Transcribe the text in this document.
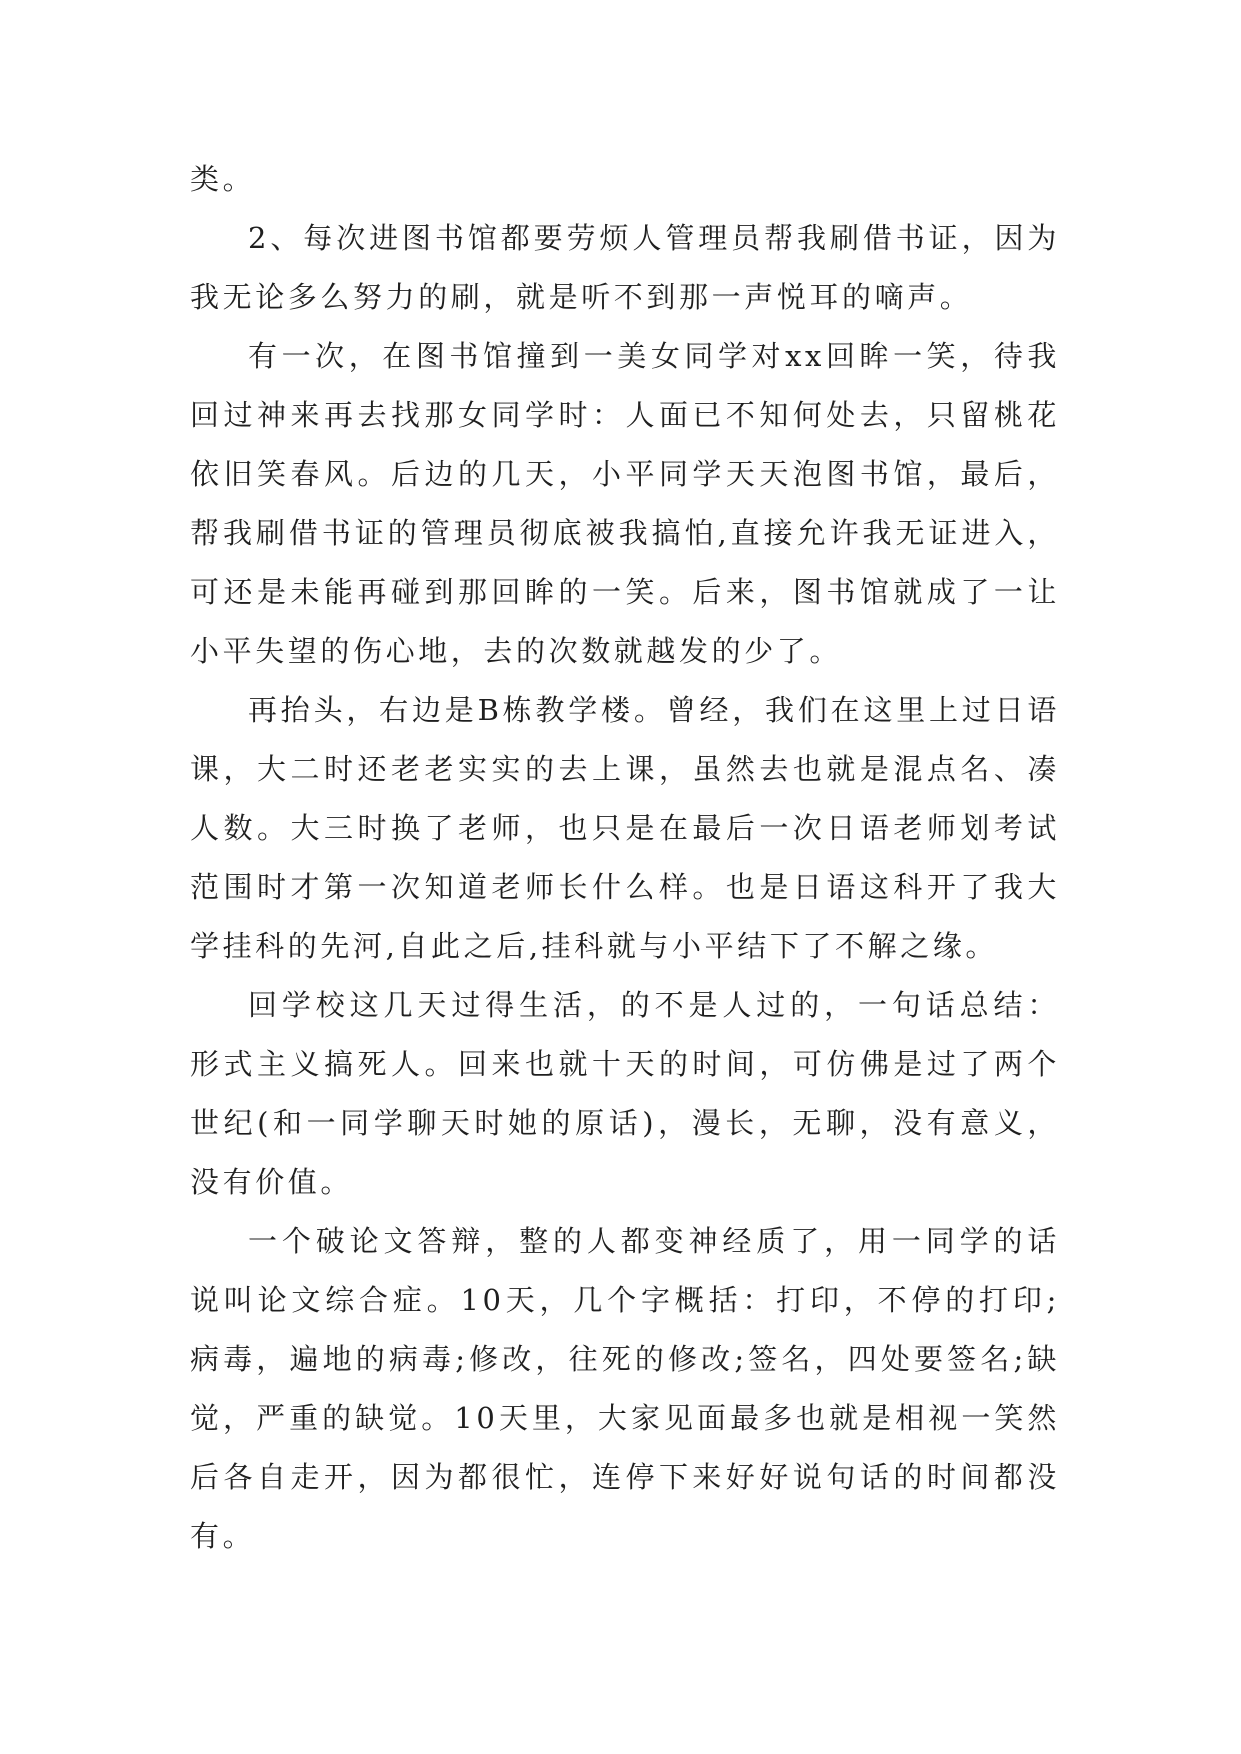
类。

2、每次进图书馆都要劳烦人管理员帮我刷借书证，因为我无论多么努力的刷，就是听不到那一声悦耳的嘀声。

有一次，在图书馆撞到一美女同学对xx回眸一笑，待我回过神来再去找那女同学时：人面已不知何处去，只留桃花依旧笑春风。后边的几天，小平同学天天泡图书馆，最后，帮我刷借书证的管理员彻底被我搞怕,直接允许我无证进入，可还是未能再碰到那回眸的一笑。后来，图书馆就成了一让小平失望的伤心地，去的次数就越发的少了。

再抬头，右边是B栋教学楼。曾经，我们在这里上过日语课，大二时还老老实实的去上课，虽然去也就是混点名、凑人数。大三时换了老师，也只是在最后一次日语老师划考试范围时才第一次知道老师长什么样。也是日语这科开了我大学挂科的先河,自此之后,挂科就与小平结下了不解之缘。

回学校这几天过得生活，的不是人过的，一句话总结：形式主义搞死人。回来也就十天的时间，可仿佛是过了两个世纪(和一同学聊天时她的原话)，漫长，无聊，没有意义，没有价值。

一个破论文答辩，整的人都变神经质了，用一同学的话说叫论文综合症。10天，几个字概括：打印，不停的打印;病毒，遍地的病毒;修改，往死的修改;签名，四处要签名;缺觉，严重的缺觉。10天里，大家见面最多也就是相视一笑然后各自走开，因为都很忙，连停下来好好说句话的时间都没有。
